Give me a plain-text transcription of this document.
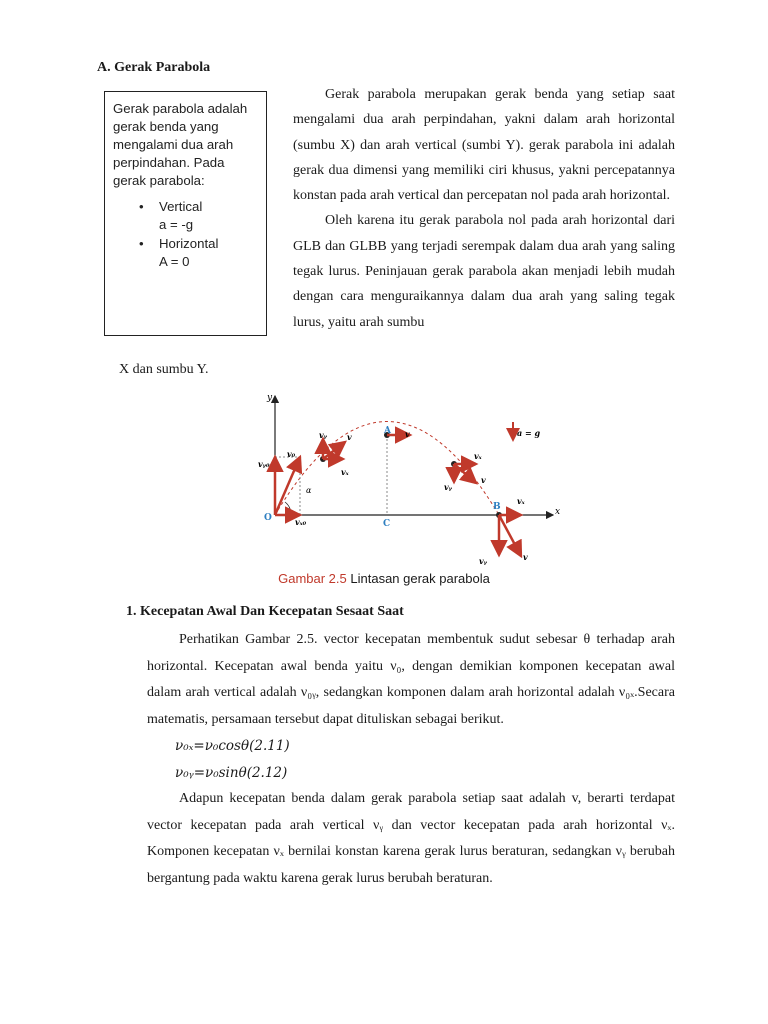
A. Gerak Parabola
Gerak parabola adalah gerak benda yang mengalami dua arah perpindahan. Pada gerak parabola:
• Vertical
a = -g
• Horizontal
A = 0

Gerak parabola merupakan gerak benda yang setiap saat mengalami dua arah perpindahan, yakni dalam arah horizontal (sumbu X) dan arah vertical (sumbi Y). gerak parabola ini adalah gerak dua dimensi yang memiliki ciri khusus, yakni percepatannya konstan pada arah vertical dan percepatan nol pada arah horizontal.

Oleh karena itu gerak parabola nol pada arah horizontal dari GLB dan GLBB yang terjadi serempak dalam dua arah yang saling tegak lurus. Peninjauan gerak parabola akan menjadi lebih mudah dengan cara menguraikannya dalam dua arah yang saling tegak lurus, yaitu arah sumbu

X dan sumbu Y.
y
x
O
A
B
C
v₀
vᵧ₀
vₓ₀
α
a = g
vᵧ	v
vₓ
v
vₓ
vᵧ
v
vₓ
vᵧ	v
Gambar 2.5 Lintasan gerak parabola
1. Kecepatan Awal Dan Kecepatan Sesaat Saat

Perhatikan Gambar 2.5. vector kecepatan membentuk sudut sebesar θ terhadap arah horizontal. Kecepatan awal benda yaitu ν₀, dengan demikian komponen kecepatan awal dalam arah vertical adalah ν₀ᵧ, sedangkan komponen dalam arah horizontal adalah ν₀ₓ.Secara matematis, persamaan tersebut dapat dituliskan sebagai berikut.

ν₀ₓ=ν₀cosθ(2.11)
ν₀ᵧ=ν₀sinθ(2.12)

Adapun kecepatan benda dalam gerak parabola setiap saat adalah v, berarti terdapat vector kecepatan pada arah vertical νᵧ dan vector kecepatan pada arah horizontal νₓ. Komponen kecepatan νₓ bernilai konstan karena gerak lurus beraturan, sedangkan νᵧ berubah bergantung pada waktu karena gerak lurus berubah beraturan.
